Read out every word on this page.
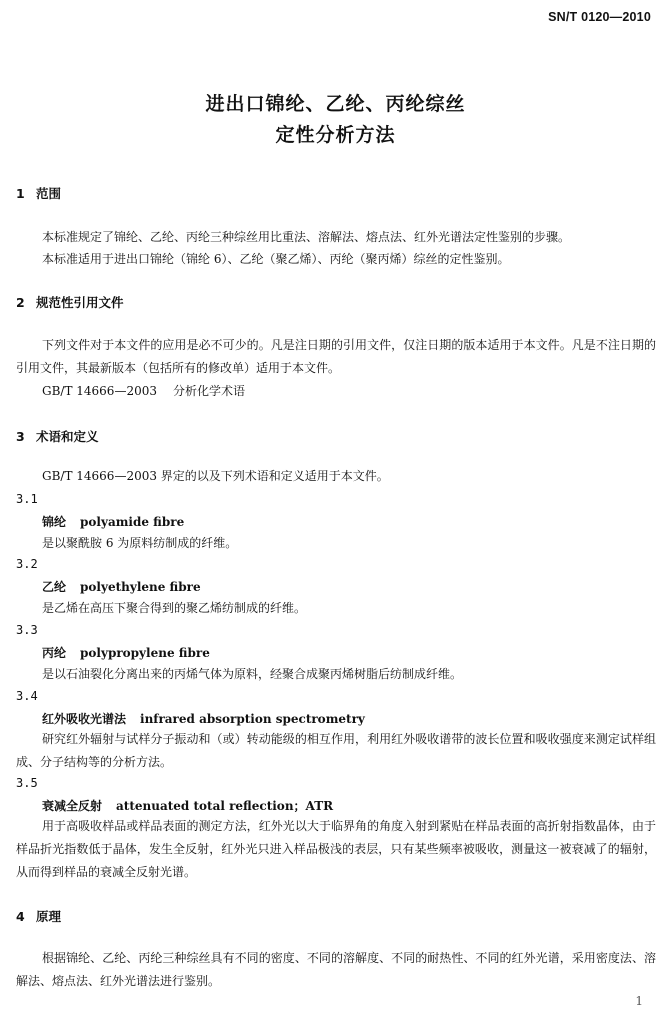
SN/T 0120—2010
进出口锦纶、乙纶、丙纶综丝
定性分析方法
1 范围
本标准规定了锦纶、乙纶、丙纶三种综丝用比重法、溶解法、熔点法、红外光谱法定性鉴别的步骤。
本标准适用于进出口锦纶（锦纶 6）、乙纶（聚乙烯）、丙纶（聚丙烯）综丝的定性鉴别。
2 规范性引用文件
下列文件对于本文件的应用是必不可少的。凡是注日期的引用文件，仅注日期的版本适用于本文件。凡是不注日期的引用文件，其最新版本（包括所有的修改单）适用于本文件。
GB/T 14666—2003 分析化学术语
3 术语和定义
GB/T 14666—2003 界定的以及下列术语和定义适用于本文件。
3.1
锦纶 polyamide fibre
是以聚酰胺 6 为原料纺制成的纤维。
3.2
乙纶 polyethylene fibre
是乙烯在高压下聚合得到的聚乙烯纺制成的纤维。
3.3
丙纶 polypropylene fibre
是以石油裂化分离出来的丙烯气体为原料，经聚合成聚丙烯树脂后纺制成纤维。
3.4
红外吸收光谱法 infrared absorption spectrometry
研究红外辐射与试样分子振动和（或）转动能级的相互作用，利用红外吸收谱带的波长位置和吸收强度来测定试样组成、分子结构等的分析方法。
3.5
衰减全反射 attenuated total reflection；ATR
用于高吸收样品或样品表面的测定方法，红外光以大于临界角的角度入射到紧贴在样品表面的高折射指数晶体，由于样品折光指数低于晶体，发生全反射，红外光只进入样品极浅的表层，只有某些频率被吸收，测量这一被衰减了的辐射，从而得到样品的衰减全反射光谱。
4 原理
根据锦纶、乙纶、丙纶三种综丝具有不同的密度、不同的溶解度、不同的耐热性、不同的红外光谱，采用密度法、溶解法、熔点法、红外光谱法进行鉴别。
1
